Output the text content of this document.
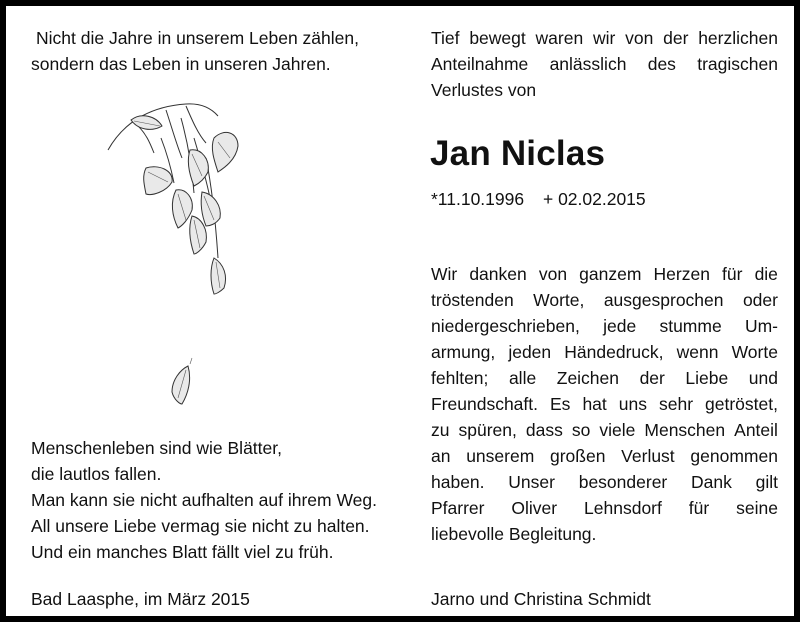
Nicht die Jahre in unserem Leben zählen,
sondern das Leben in unseren Jahren.
Menschenleben sind wie Blätter,
die lautlos fallen.
Man kann sie nicht aufhalten auf ihrem Weg.
All unsere Liebe vermag sie nicht zu halten.
Und ein manches Blatt fällt viel zu früh.
Bad Laasphe, im März 2015
Tief bewegt waren wir von der herzlichen
Anteilnahme anlässlich des tragischen
Verlustes von
Jan Niclas
*11.10.1996 + 02.02.2015
Wir danken von ganzem Herzen für die
tröstenden Worte, ausgesprochen oder
niedergeschrieben, jede stumme Um-
armung, jeden Händedruck, wenn Worte
fehlten; alle Zeichen der Liebe und
Freundschaft. Es hat uns sehr getröstet,
zu spüren, dass so viele Menschen Anteil
an unserem großen Verlust genommen
haben. Unser besonderer Dank gilt
Pfarrer Oliver Lehnsdorf für seine
liebevolle Begleitung.
Jarno und Christina Schmidt
